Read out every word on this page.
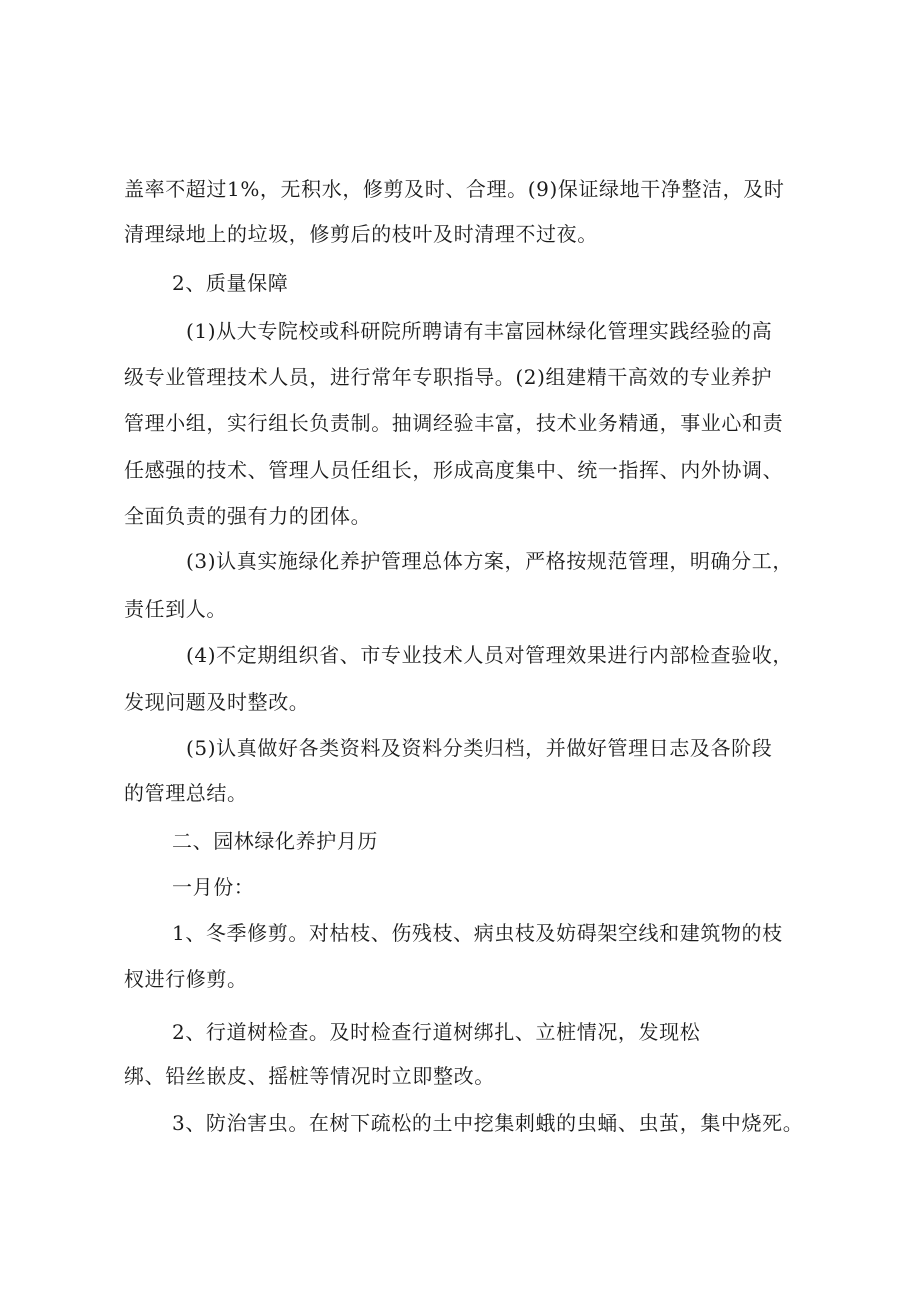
盖率不超过1%，无积水，修剪及时、合理。(9)保证绿地干净整洁，及时
清理绿地上的垃圾，修剪后的枝叶及时清理不过夜。
2、质量保障
(1)从大专院校或科研院所聘请有丰富园林绿化管理实践经验的高
级专业管理技术人员，进行常年专职指导。(2)组建精干高效的专业养护
管理小组，实行组长负责制。抽调经验丰富，技术业务精通，事业心和责
任感强的技术、管理人员任组长，形成高度集中、统一指挥、内外协调、
全面负责的强有力的团体。
(3)认真实施绿化养护管理总体方案，严格按规范管理，明确分工，
责任到人。
(4)不定期组织省、市专业技术人员对管理效果进行内部检查验收，
发现问题及时整改。
(5)认真做好各类资料及资料分类归档，并做好管理日志及各阶段
的管理总结。
二、园林绿化养护月历
一月份：
1、冬季修剪。对枯枝、伤残枝、病虫枝及妨碍架空线和建筑物的枝
杈进行修剪。
2、行道树检查。及时检查行道树绑扎、立桩情况，发现松
绑、铅丝嵌皮、摇桩等情况时立即整改。
3、防治害虫。在树下疏松的土中挖集刺蛾的虫蛹、虫茧，集中烧死。
